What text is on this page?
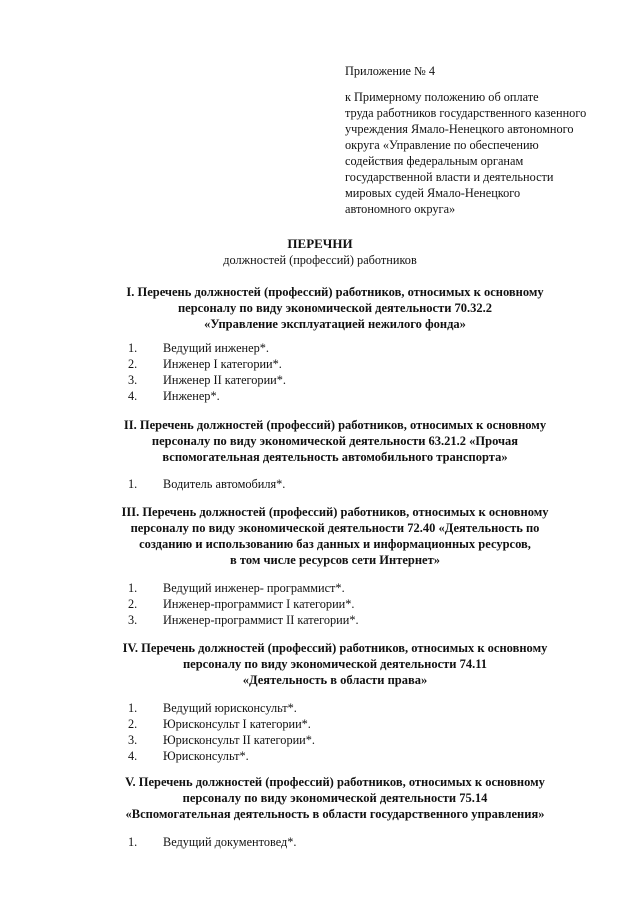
Приложение № 4
к Примерному положению об оплате
труда работников государственного казенного
учреждения Ямало-Ненецкого автономного
округа «Управление по обеспечению
содействия федеральным органам
государственной власти и деятельности
мировых судей Ямало-Ненецкого
автономного округа»
ПЕРЕЧНИ
должностей (профессий) работников
I. Перечень должностей (профессий) работников, относимых к основному
персоналу по виду экономической деятельности 70.32.2
«Управление эксплуатацией нежилого фонда»
1. Ведущий инженер*.
2. Инженер I категории*.
3. Инженер II категории*.
4. Инженер*.
II. Перечень должностей (профессий) работников, относимых к основному
персоналу по виду экономической деятельности 63.21.2 «Прочая
вспомогательная деятельность автомобильного транспорта»
1. Водитель автомобиля*.
III. Перечень должностей (профессий) работников, относимых к основному
персоналу по виду экономической деятельности 72.40 «Деятельность по
созданию и использованию баз данных и информационных ресурсов,
в том числе ресурсов сети Интернет»
1. Ведущий инженер- программист*.
2. Инженер-программист I категории*.
3. Инженер-программист II категории*.
IV. Перечень должностей (профессий) работников, относимых к основному
персоналу по виду экономической деятельности 74.11
«Деятельность в области права»
1. Ведущий юрисконсульт*.
2. Юрисконсульт I категории*.
3. Юрисконсульт II категории*.
4. Юрисконсульт*.
V. Перечень должностей (профессий) работников, относимых к основному
персоналу по виду экономической деятельности 75.14
«Вспомогательная деятельность в области государственного управления»
1. Ведущий документовед*.
